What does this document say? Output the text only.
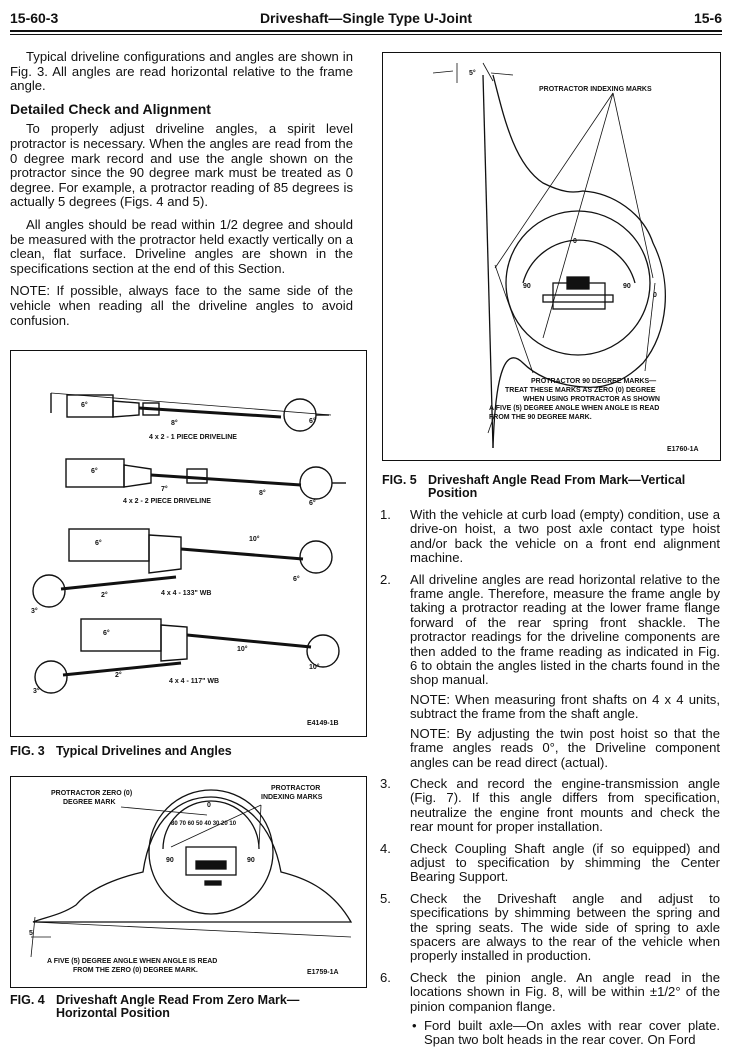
15-60-3	Driveshaft—Single Type U-Joint	15-6

Typical driveline configurations and angles are shown in Fig. 3. All angles are read horizontal relative to the frame angle.

Detailed Check and Alignment

To properly adjust driveline angles, a spirit level protractor is necessary. When the angles are read from the 0 degree mark record and use the angle shown on the protractor since the 90 degree mark must be treated as 0 degree. For example, a protractor reading of 85 degrees is actually 5 degrees (Figs. 4 and 5).

All angles should be read within 1/2 degree and should be measured with the protractor held exactly vertically on a clean, flat surface. Driveline angles are shown in the specifications section at the end of this Section.

NOTE: If possible, always face to the same side of the vehicle when reading all the driveline angles to avoid confusion.

6°
8°	6°
4 x 2 - 1 PIECE DRIVELINE
6°
7°
8°
6°
4 x 2 - 2 PIECE DRIVELINE
6°
10°
6°
2°
3°
4 x 4 - 133" WB
6°
10°
10°
2°
3°
4 x 4 - 117" WB
E4149-1B
FIG. 3 Typical Drivelines and Angles
PROTRACTOR ZERO (0)
DEGREE MARK
PROTRACTOR
INDEXING MARKS
80 70 60 50 40 30 20 10
0
90	90
5
A FIVE (5) DEGREE ANGLE WHEN ANGLE IS READ
FROM THE ZERO (0) DEGREE MARK.	E1759-1A
FIG. 4 Driveshaft Angle Read From Zero Mark—
Horizontal Position
5°
PROTRACTOR INDEXING MARKS
0
90	90
0
PROTRACTOR 90 DEGREE MARKS—
TREAT THESE MARKS AS ZERO (0) DEGREE
WHEN USING PROTRACTOR AS SHOWN
A FIVE (5) DEGREE ANGLE WHEN ANGLE IS READ
FROM THE 90 DEGREE MARK.
E1760-1A
FIG. 5 Driveshaft Angle Read From Mark—Vertical
Position
1. With the vehicle at curb load (empty) condition, use a drive-on hoist, a two post axle contact type hoist and/or back the vehicle on a front end alignment machine.

2. All driveline angles are read horizontal relative to the frame angle. Therefore, measure the frame angle by taking a protractor reading at the lower frame flange forward of the rear spring front shackle. The protractor readings for the driveline components are then added to the frame reading as indicated in Fig. 6 to obtain the angles listed in the charts found in the shop manual.

NOTE: When measuring front shafts on 4 x 4 units, subtract the frame from the shaft angle.

NOTE: By adjusting the twin post hoist so that the frame angles reads 0°, the Driveline component angles can be read direct (actual).

3. Check and record the engine-transmission angle (Fig. 7). If this angle differs from specification, neutralize the engine front mounts and check the rear mount for proper installation.

4. Check Coupling Shaft angle (if so equipped) and adjust to specification by shimming the Center Bearing Support.

5. Check the Driveshaft angle and adjust to specifications by shimming between the spring and the spring seats. The wide side of spring to axle spacers are always to the rear of the vehicle when properly installed in production.

6. Check the pinion angle. An angle read in the locations shown in Fig. 8, will be within ±1/2° of the pinion companion flange.

• Ford built axle—On axles with rear cover plate. Span two bolt heads in the rear cover. On Ford
